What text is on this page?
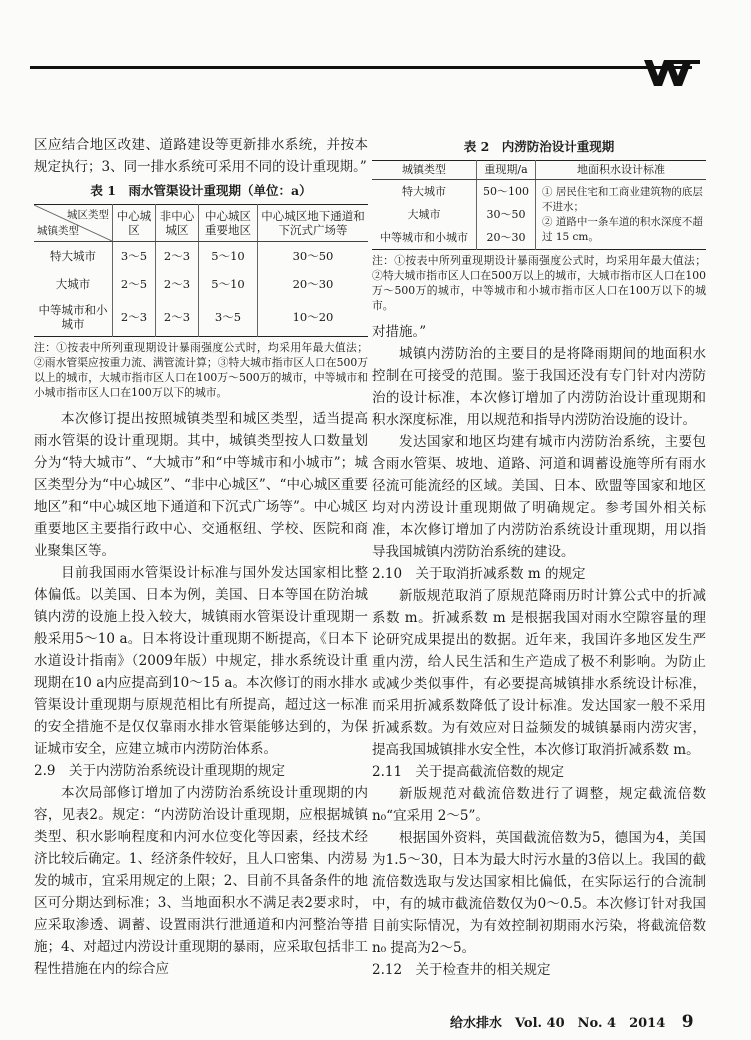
区应结合地区改建、道路建设等更新排水系统，并按本规定执行；3、同一排水系统可采用不同的设计重现期。”

表 1　雨水管渠设计重现期（单位：a）
城区类型
城镇类型	中心城区	非中心城区	中心城区重要地区	中心城区地下通道和下沉式广场等
特大城市	3～5	2～3	5～10	30～50
大城市	2～5	2～3	5～10	20～30
中等城市和小城市	2～3	2～3	3～5	10～20
注：①按表中所列重现期设计暴雨强度公式时，均采用年最大值法；②雨水管渠应按重力流、满管流计算；③特大城市指市区人口在500万以上的城市，大城市指市区人口在100万～500万的城市，中等城市和小城市指市区人口在100万以下的城市。

本次修订提出按照城镇类型和城区类型，适当提高雨水管渠的设计重现期。其中，城镇类型按人口数量划分为“特大城市”、“大城市”和“中等城市和小城市”；城区类型分为“中心城区”、“非中心城区”、“中心城区重要地区”和“中心城区地下通道和下沉式广场等”。中心城区重要地区主要指行政中心、交通枢纽、学校、医院和商业聚集区等。

目前我国雨水管渠设计标准与国外发达国家相比整体偏低。以美国、日本为例，美国、日本等国在防治城镇内涝的设施上投入较大，城镇雨水管渠设计重现期一般采用5～10 a。日本将设计重现期不断提高，《日本下水道设计指南》（2009年版）中规定，排水系统设计重现期在10 a内应提高到10～15 a。本次修订的雨水排水管渠设计重现期与原规范相比有所提高，超过这一标准的安全措施不是仅仅靠雨水排水管渠能够达到的，为保证城市安全，应建立城市内涝防治体系。

2.9　关于内涝防治系统设计重现期的规定

本次局部修订增加了内涝防治系统设计重现期的内容，见表2。规定：“内涝防治设计重现期，应根据城镇类型、积水影响程度和内河水位变化等因素，经技术经济比较后确定。1、经济条件较好，且人口密集、内涝易发的城市，宜采用规定的上限；2、目前不具备条件的地区可分期达到标准；3、当地面积水不满足表2要求时，应采取渗透、调蓄、设置雨洪行泄通道和内河整治等措施；4、对超过内涝设计重现期的暴雨，应采取包括非工程性措施在内的综合应

表 2　内涝防治设计重现期
城镇类型	重现期/a	地面积水设计标准
特大城市	50～100	① 居民住宅和工商业建筑物的底层不进水；
② 道路中一条车道的积水深度不超过 15 cm。

大城市	30～50	
中等城市和小城市	20～30	
注：①按表中所列重现期设计暴雨强度公式时，均采用年最大值法；②特大城市指市区人口在500万以上的城市，大城市指市区人口在100万～500万的城市，中等城市和小城市指市区人口在100万以下的城市。

对措施。”

城镇内涝防治的主要目的是将降雨期间的地面积水控制在可接受的范围。鉴于我国还没有专门针对内涝防治的设计标准，本次修订增加了内涝防治设计重现期和积水深度标准，用以规范和指导内涝防治设施的设计。

发达国家和地区均建有城市内涝防治系统，主要包含雨水管渠、坡地、道路、河道和调蓄设施等所有雨水径流可能流经的区域。美国、日本、欧盟等国家和地区均对内涝设计重现期做了明确规定。参考国外相关标准，本次修订增加了内涝防治系统设计重现期，用以指导我国城镇内涝防治系统的建设。

2.10　关于取消折减系数 m 的规定

新版规范取消了原规范降雨历时计算公式中的折减系数 m。折减系数 m 是根据我国对雨水空隙容量的理论研究成果提出的数据。近年来，我国许多地区发生严重内涝，给人民生活和生产造成了极不利影响。为防止或减少类似事件，有必要提高城镇排水系统设计标准，而采用折减系数降低了设计标准。发达国家一般不采用折减系数。为有效应对日益频发的城镇暴雨内涝灾害，提高我国城镇排水安全性，本次修订取消折减系数 m。

2.11　关于提高截流倍数的规定

新版规范对截流倍数进行了调整，规定截流倍数 n₀“宜采用 2～5”。

根据国外资料，英国截流倍数为5，德国为4，美国为1.5～30，日本为最大时污水量的3倍以上。我国的截流倍数选取与发达国家相比偏低，在实际运行的合流制中，有的城市截流倍数仅为0～0.5。本次修订针对我国目前实际情况，为有效控制初期雨水污染，将截流倍数 n₀ 提高为2～5。

2.12　关于检查井的相关规定
给水排水　Vol. 40　No. 4　2014 9
